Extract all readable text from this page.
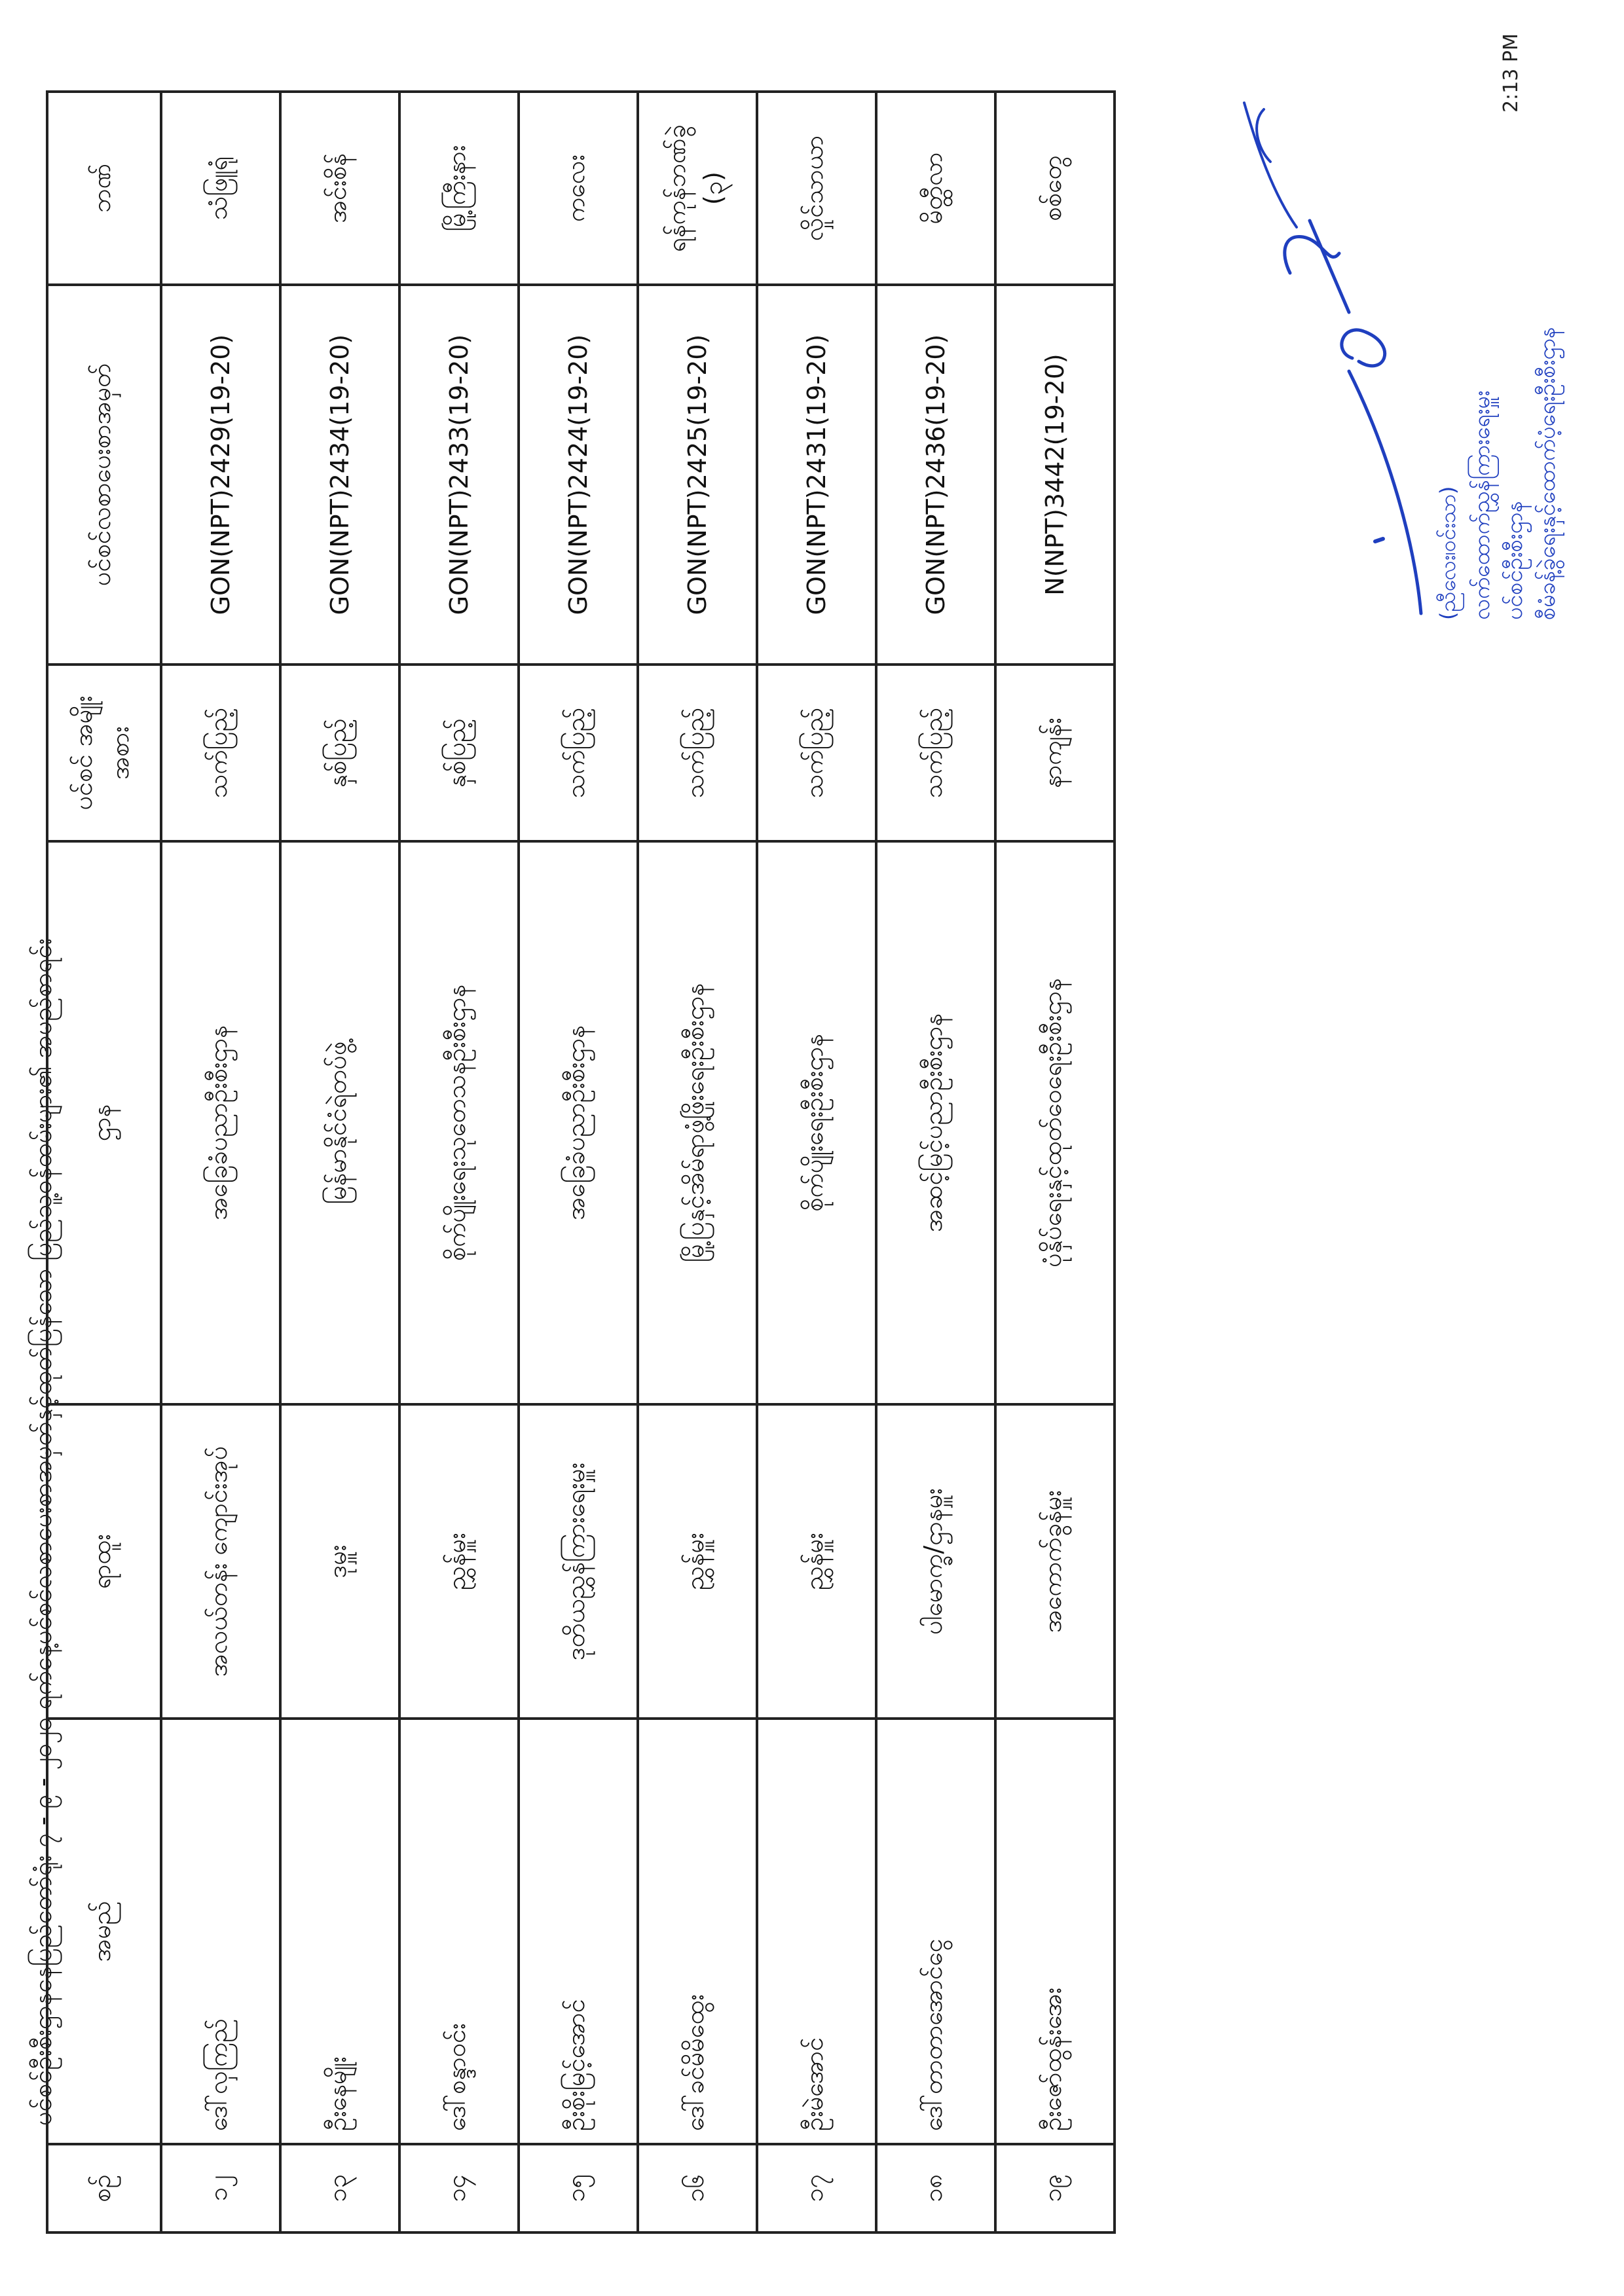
ပင်စင်ဦးစီးဌာနနေပြည်တော်ရုံး ၇ - ၉ - ၂၀၂၀ ရက်နေ့ပင်စင်လစာပေးစာအမှတ်နှင့်ထုတ်ပြန်သော ပြည်သူ့ဝန်ထမ်းများ၏ အမည်စာရင်း
စဉ်	အမည်	ရာထူး	ဌာန	ပင်စင် အမျိုးအစား	ပင်စင်လစာပေးစာအမှတ်	ဘဏ်
၁၂	ဒေါ်လှကြည်	အလယ်တန်း ကျောင်းအုပ်	အခြေခံပညာဦးစီးဌာန	သက်ပြည့်	GON(NPT)2429(19-20)	သံဖြူရုံ
၁၃	ဦးနေမျိုး	ဒုမှူး	မြန်မာနိုင်ငံရဲတပ်ဖွဲ့	နှစ်ပြည့်	GON(NPT)2434(19-20)	အင်းစိန်
၁၄	ဒေါ်စန္ဒာဝင်း	ညွှန်မှူး	စိုက်ပျိုးရေးသုတေသနဦးစီးဌာန	နှစ်ပြည့်	GON(NPT)2433(19-20)	မြို့ကြီးနား
၁၅	ဦးစိုးမြင့်အောင်	ဒုတိယညွှန်ကြားရေးမှူး	အခြေခံပညာဦးစီးဌာန	သက်ပြည့်	GON(NPT)2424(19-20)	ကလေး
၁၆	ဒေါ်ခင်မိမိထွေး	ညွှန်မှူး	မြို့ပြနှင့်အိမ်ရာဖွံ့ဖြိုးရေးဦးစီးဌာန	သက်ပြည့်	GON(NPT)2425(19-20)	ရန်ကုန်ဘဏ်ခွဲ (၃)
၁၇	ဦးမဲအောင်	ညွှန်မှူး	စိုက်ပျိုးရေးဦးစီးဌာန	သက်ပြည့်	GON(NPT)2431(19-20)	လှိုင်သာယာ
၁၈	ဒေါ်တာတာအောင်ငွေ	ပါမောက္ခ/ဌာနမှူး	အဆင့်မြင့်ပညာဦးစီးဌာန	သက်ပြည့်	GON(NPT)2436(19-20)	မိတ္ထီလာ
၁၉	ဦးဇော်ထွန်းအေး	အကောက်ခွန်မှူး	ပုံနှိပ်ရေးနှင့်ထုတ်ဝေရေးဦးစီးဌာန	နာကျန်း	N(NPT)3442(19-20)	စစ်တွေ
(ညီလေး၊ဝင်းသာ) လက်ထောက်ညွှန်ကြားရေးမှူး ပင်စင်ဦးစီးဌာန စီမံခန့်ခွဲရေးနှင့်ထောက်ပံ့ရေးဦးစီးဌာန
2:13 PM
